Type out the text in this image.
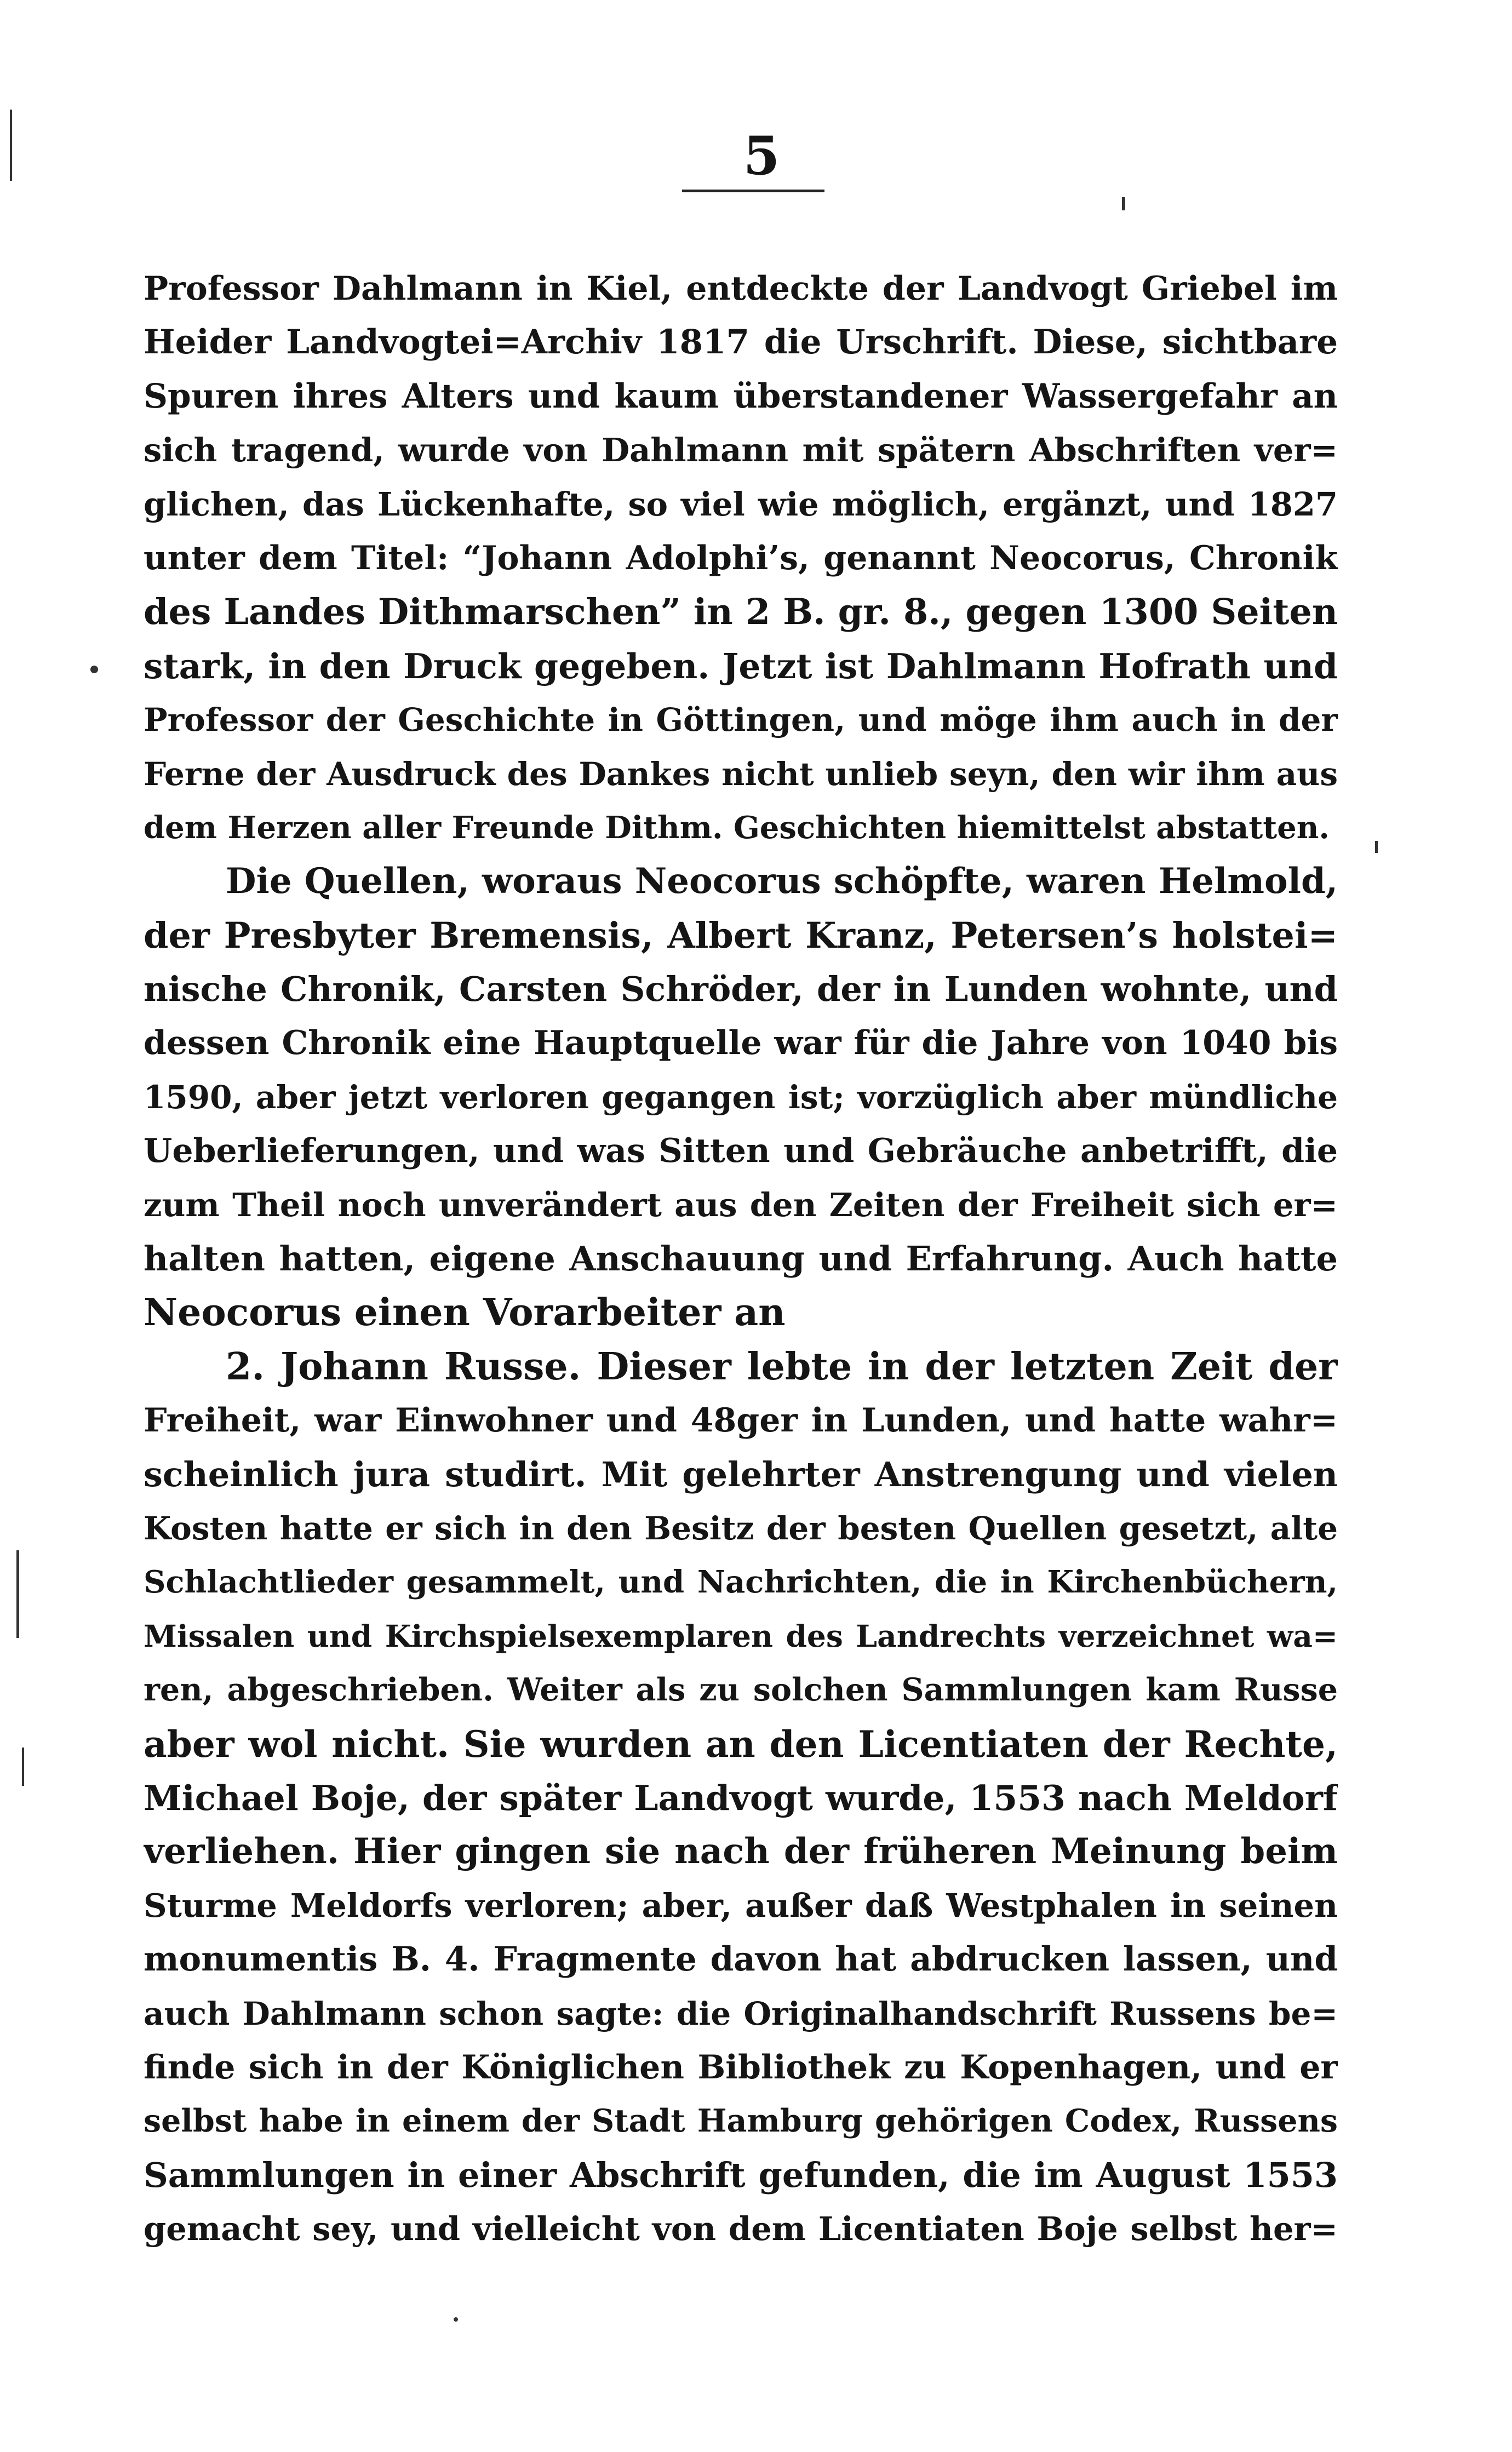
5
Professor Dahlmann in Kiel, entdeckte der Landvogt Griebel im
Heider Landvogtei=Archiv 1817 die Urschrift. Diese, sichtbare
Spuren ihres Alters und kaum überstandener Wassergefahr an
sich tragend, wurde von Dahlmann mit spätern Abschriften ver=
glichen, das Lückenhafte, so viel wie möglich, ergänzt, und 1827
unter dem Titel: “Johann Adolphi’s, genannt Neocorus, Chronik
des Landes Dithmarschen” in 2 B. gr. 8., gegen 1300 Seiten
stark, in den Druck gegeben. Jetzt ist Dahlmann Hofrath und
Professor der Geschichte in Göttingen, und möge ihm auch in der
Ferne der Ausdruck des Dankes nicht unlieb seyn, den wir ihm aus
dem Herzen aller Freunde Dithm. Geschichten hiemittelst abstatten.
Die Quellen, woraus Neocorus schöpfte, waren Helmold,
der Presbyter Bremensis, Albert Kranz, Petersen’s holstei=
nische Chronik, Carsten Schröder, der in Lunden wohnte, und
dessen Chronik eine Hauptquelle war für die Jahre von 1040 bis
1590, aber jetzt verloren gegangen ist; vorzüglich aber mündliche
Ueberlieferungen, und was Sitten und Gebräuche anbetrifft, die
zum Theil noch unverändert aus den Zeiten der Freiheit sich er=
halten hatten, eigene Anschauung und Erfahrung. Auch hatte
Neocorus einen Vorarbeiter an
2. Johann Russe. Dieser lebte in der letzten Zeit der
Freiheit, war Einwohner und 48ger in Lunden, und hatte wahr=
scheinlich jura studirt. Mit gelehrter Anstrengung und vielen
Kosten hatte er sich in den Besitz der besten Quellen gesetzt, alte
Schlachtlieder gesammelt, und Nachrichten, die in Kirchenbüchern,
Missalen und Kirchspielsexemplaren des Landrechts verzeichnet wa=
ren, abgeschrieben. Weiter als zu solchen Sammlungen kam Russe
aber wol nicht. Sie wurden an den Licentiaten der Rechte,
Michael Boje, der später Landvogt wurde, 1553 nach Meldorf
verliehen. Hier gingen sie nach der früheren Meinung beim
Sturme Meldorfs verloren; aber, außer daß Westphalen in seinen
monumentis B. 4. Fragmente davon hat abdrucken lassen, und
auch Dahlmann schon sagte: die Originalhandschrift Russens be=
finde sich in der Königlichen Bibliothek zu Kopenhagen, und er
selbst habe in einem der Stadt Hamburg gehörigen Codex, Russens
Sammlungen in einer Abschrift gefunden, die im August 1553
gemacht sey, und vielleicht von dem Licentiaten Boje selbst her=
